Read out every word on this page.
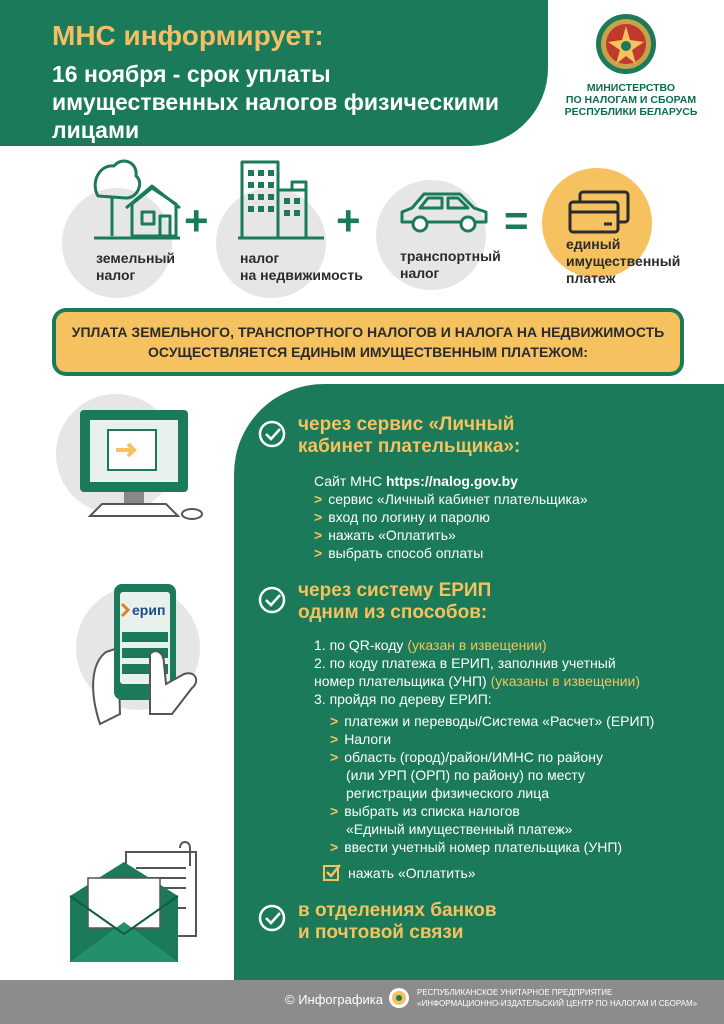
МНС информирует:
16 ноября - срок уплаты
имущественных налогов физическими
лицами
МИНИСТЕРСТВО
ПО НАЛОГАМ И СБОРАМ
РЕСПУБЛИКИ БЕЛАРУСЬ
земельный
налог
+
налог
на недвижимость
+
транспортный
налог
=	единый
имущественный
платеж
УПЛАТА ЗЕМЕЛЬНОГО, ТРАНСПОРТНОГО НАЛОГОВ И НАЛОГА НА НЕДВИЖИМОСТЬ
ОСУЩЕСТВЛЯЕТСЯ ЕДИНЫМ ИМУЩЕСТВЕННЫМ ПЛАТЕЖОМ:
ерип
через сервис «Личный
кабинет плательщика»:
Сайт МНС https://nalog.gov.by
> сервис «Личный кабинет плательщика»
> вход по логину и паролю
> нажать «Оплатить»
> выбрать способ оплаты
через систему ЕРИП
одним из способов:
1. по QR-коду (указан в извещении)
2. по коду платежа в ЕРИП, заполнив учетный
номер плательщика (УНП) (указаны в извещении)
3. пройдя по дереву ЕРИП:
> платежи и переводы/Система «Расчет» (ЕРИП)
> Налоги
> область (город)/район/ИМНС по району
(или УРП (ОРП) по району) по месту
регистрации физического лица
> выбрать из списка налогов
«Единый имущественный платеж»
> ввести учетный номер плательщика (УНП)
нажать «Оплатить»
в отделениях банков
и почтовой связи
© Инфографика	РЕСПУБЛИКАНСКОЕ УНИТАРНОЕ ПРЕДПРИЯТИЕ
«ИНФОРМАЦИОННО-ИЗДАТЕЛЬСКИЙ ЦЕНТР ПО НАЛОГАМ И СБОРАМ»
